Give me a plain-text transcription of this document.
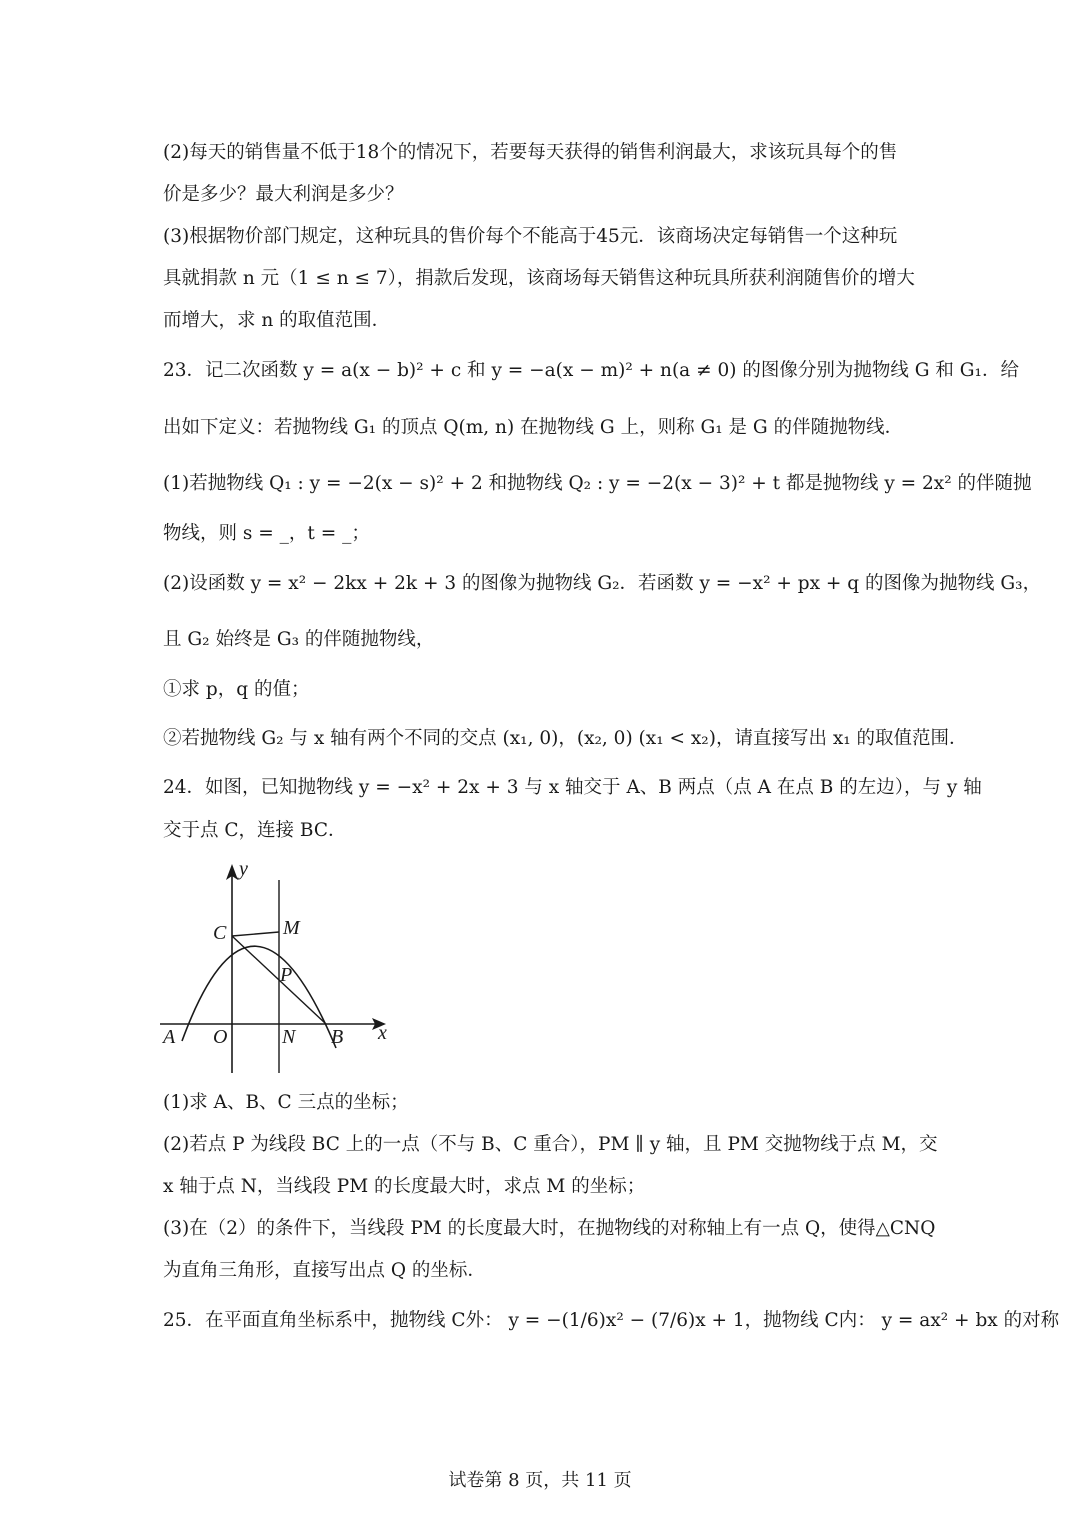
(2)每天的销售量不低于18个的情况下，若要每天获得的销售利润最大，求该玩具每个的售
价是多少？最大利润是多少？
(3)根据物价部门规定，这种玩具的售价每个不能高于45元．该商场决定每销售一个这种玩
具就捐款 n 元（1 ≤ n ≤ 7），捐款后发现，该商场每天销售这种玩具所获利润随售价的增大
而增大，求 n 的取值范围．
23．记二次函数 y = a(x − b)² + c 和 y = −a(x − m)² + n(a ≠ 0) 的图像分别为抛物线 G 和 G₁．给
出如下定义：若抛物线 G₁ 的顶点 Q(m, n) 在抛物线 G 上，则称 G₁ 是 G 的伴随抛物线．
(1)若抛物线 Q₁ : y = −2(x − s)² + 2 和抛物线 Q₂ : y = −2(x − 3)² + t 都是抛物线 y = 2x² 的伴随抛
物线，则 s = _，t = _；
(2)设函数 y = x² − 2kx + 2k + 3 的图像为抛物线 G₂．若函数 y = −x² + px + q 的图像为抛物线 G₃，
且 G₂ 始终是 G₃ 的伴随抛物线，
①求 p，q 的值；
②若抛物线 G₂ 与 x 轴有两个不同的交点 (x₁, 0)，(x₂, 0) (x₁ < x₂)，请直接写出 x₁ 的取值范围．
24．如图，已知抛物线 y = −x² + 2x + 3 与 x 轴交于 A、B 两点（点 A 在点 B 的左边），与 y 轴
交于点 C，连接 BC．
y
x
A O	N B
C	M
P
(1)求 A、B、C 三点的坐标；
(2)若点 P 为线段 BC 上的一点（不与 B、C 重合），PM ∥ y 轴，且 PM 交抛物线于点 M，交
x 轴于点 N，当线段 PM 的长度最大时，求点 M 的坐标；
(3)在（2）的条件下，当线段 PM 的长度最大时，在抛物线的对称轴上有一点 Q，使得△CNQ
为直角三角形，直接写出点 Q 的坐标．
25．在平面直角坐标系中，抛物线 C外： y = −(1/6)x² − (7/6)x + 1，抛物线 C内： y = ax² + bx 的对称
试卷第 8 页，共 11 页
